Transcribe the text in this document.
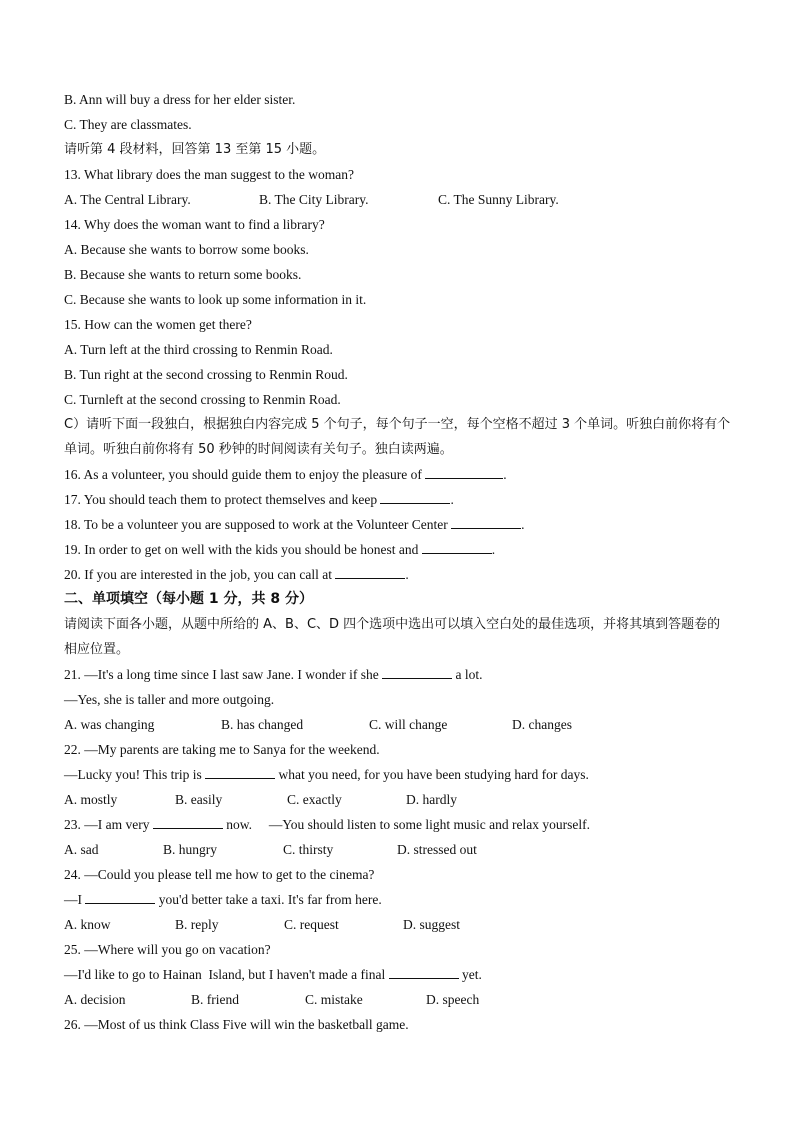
B. Ann will buy a dress for her elder sister.
C. They are classmates.
请听第 4 段材料，回答第 13 至第 15 小题。
13. What library does the man suggest to the woman?
A. The Central Library.	B. The City Library.	C. The Sunny Library.
14. Why does the woman want to find a library?
A. Because she wants to borrow some books.
B. Because she wants to return some books.
C. Because she wants to look up some information in it.
15. How can the women get there?
A. Turn left at the third crossing to Renmin Road.
B. Tun right at the second crossing to Renmin Roud.
C. Turnleft at the second crossing to Renmin Road.
C）请听下面一段独白，根据独白内容完成 5 个句子，每个句子一空，每个空格不超过 3 个单词。听独白前你将有个单词。听独白前你将有 50 秒钟的时间阅读有关句子。独白读两遍。
16. As a volunteer, you should guide them to enjoy the pleasure of	.
17. You should teach them to protect themselves and keep	.
18. To be a volunteer you are supposed to work at the Volunteer Center	.
19. In order to get on well with the kids you should be honest and	.
20. If you are interested in the job, you can call at	.
二、单项填空（每小题 1 分，共 8 分）
请阅读下面各小题，从题中所给的 A、B、C、D 四个选项中选出可以填入空白处的最佳选项，并将其填到答题卷的相应位置。
21. —It's a long time since I last saw Jane. I wonder if she	a lot.
—Yes, she is taller and more outgoing.
A. was changing	B. has changed	C. will change	D. changes
22. —My parents are taking me to Sanya for the weekend.
—Lucky you! This trip is	what you need, for you have been studying hard for days.
A. mostly	B. easily	C. exactly	D. hardly
23. —I am very	now.     —You should listen to some light music and relax yourself.
A. sad	B. hungry	C. thirsty	D. stressed out
24. —Could you please tell me how to get to the cinema?
—I	you'd better take a taxi. It's far from here.
A. know	B. reply	C. request	D. suggest
25. —Where will you go on vacation?
—I'd like to go to Hainan  Island, but I haven't made a final	yet.
A. decision	B. friend	C. mistake	D. speech
26. —Most of us think Class Five will win the basketball game.
